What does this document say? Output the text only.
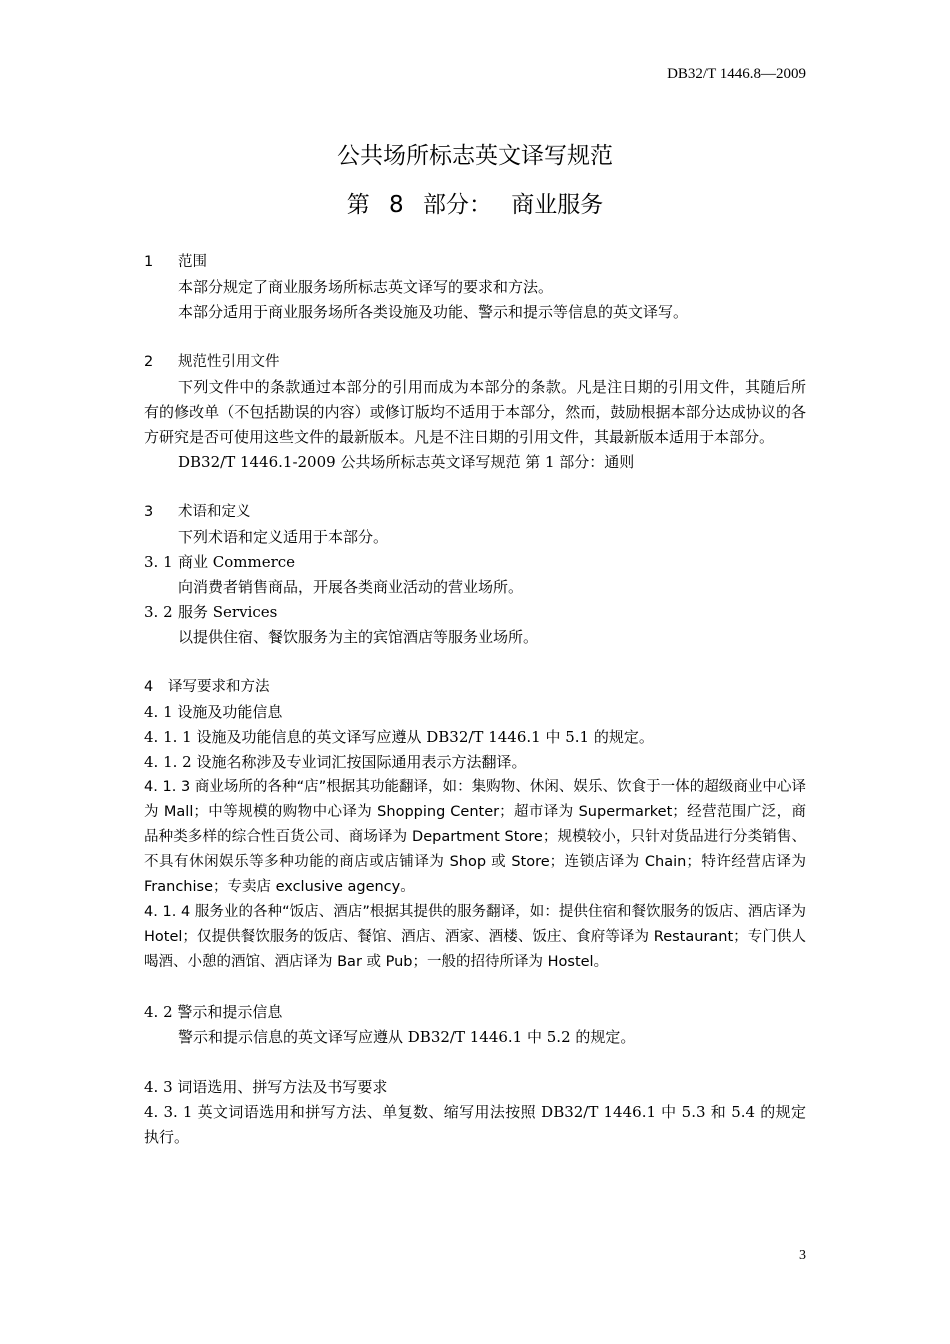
DB32/T 1446.8—2009
公共场所标志英文译写规范
第 8 部分： 商业服务
1 范围

本部分规定了商业服务场所标志英文译写的要求和方法。

本部分适用于商业服务场所各类设施及功能、警示和提示等信息的英文译写。

2 规范性引用文件

下列文件中的条款通过本部分的引用而成为本部分的条款。凡是注日期的引用文件，其随后所有的修改单（不包括勘误的内容）或修订版均不适用于本部分，然而，鼓励根据本部分达成协议的各方研究是否可使用这些文件的最新版本。凡是不注日期的引用文件，其最新版本适用于本部分。

DB32/T 1446.1-2009 公共场所标志英文译写规范 第 1 部分：通则

3 术语和定义

下列术语和定义适用于本部分。

3. 1 商业 Commerce

向消费者销售商品，开展各类商业活动的营业场所。

3. 2 服务 Services

以提供住宿、餐饮服务为主的宾馆酒店等服务业场所。

4 译写要求和方法

4. 1 设施及功能信息

4. 1. 1 设施及功能信息的英文译写应遵从 DB32/T 1446.1 中 5.1 的规定。

4. 1. 2 设施名称涉及专业词汇按国际通用表示方法翻译。

4. 1. 3 商业场所的各种“店”根据其功能翻译，如：集购物、休闲、娱乐、饮食于一体的超级商业中心译为 Mall；中等规模的购物中心译为 Shopping Center；超市译为 Supermarket；经营范围广泛，商品种类多样的综合性百货公司、商场译为 Department Store；规模较小，只针对货品进行分类销售、不具有休闲娱乐等多种功能的商店或店铺译为 Shop 或 Store；连锁店译为 Chain；特许经营店译为 Franchise；专卖店 exclusive agency。

4. 1. 4 服务业的各种“饭店、酒店”根据其提供的服务翻译，如：提供住宿和餐饮服务的饭店、酒店译为 Hotel；仅提供餐饮服务的饭店、餐馆、酒店、酒家、酒楼、饭庄、食府等译为 Restaurant；专门供人喝酒、小憩的酒馆、酒店译为 Bar 或 Pub；一般的招待所译为 Hostel。

4. 2 警示和提示信息

警示和提示信息的英文译写应遵从 DB32/T 1446.1 中 5.2 的规定。

4. 3 词语选用、拼写方法及书写要求

4. 3. 1 英文词语选用和拼写方法、单复数、缩写用法按照 DB32/T 1446.1 中 5.3 和 5.4 的规定执行。

3
